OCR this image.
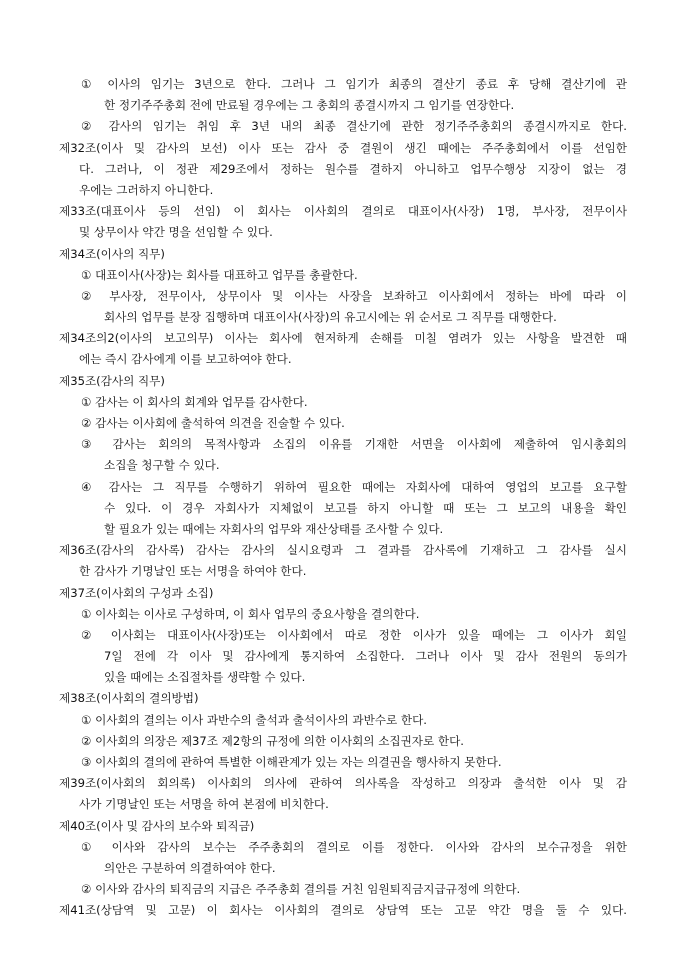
① 이사의 임기는 3년으로 한다. 그러나 그 임기가 최종의 결산기 종료 후 당해 결산기에 관
한 정기주주총회 전에 만료될 경우에는 그 총회의 종결시까지 그 임기를 연장한다.
② 감사의 임기는 취임 후 3년 내의 최종 결산기에 관한 정기주주총회의 종결시까지로 한다.
제32조(이사 및 감사의 보선) 이사 또는 감사 중 결원이 생긴 때에는 주주총회에서 이를 선임한
다. 그러나, 이 정관 제29조에서 정하는 원수를 결하지 아니하고 업무수행상 지장이 없는 경
우에는 그러하지 아니한다.
제33조(대표이사 등의 선임) 이 회사는 이사회의 결의로 대표이사(사장) 1명, 부사장, 전무이사
및 상무이사 약간 명을 선임할 수 있다.
제34조(이사의 직무)
① 대표이사(사장)는 회사를 대표하고 업무를 총괄한다.
② 부사장, 전무이사, 상무이사 및 이사는 사장을 보좌하고 이사회에서 정하는 바에 따라 이
회사의 업무를 분장 집행하며 대표이사(사장)의 유고시에는 위 순서로 그 직무를 대행한다.
제34조의2(이사의 보고의무) 이사는 회사에 현저하게 손해를 미칠 염려가 있는 사항을 발견한 때
에는 즉시 감사에게 이를 보고하여야 한다.
제35조(감사의 직무)
① 감사는 이 회사의 회계와 업무를 감사한다.
② 감사는 이사회에 출석하여 의견을 진술할 수 있다.
③ 감사는 회의의 목적사항과 소집의 이유를 기재한 서면을 이사회에 제출하여 임시총회의
소집을 청구할 수 있다.
④ 감사는 그 직무를 수행하기 위하여 필요한 때에는 자회사에 대하여 영업의 보고를 요구할
수 있다. 이 경우 자회사가 지체없이 보고를 하지 아니할 때 또는 그 보고의 내용을 확인
할 필요가 있는 때에는 자회사의 업무와 재산상태를 조사할 수 있다.
제36조(감사의 감사록) 감사는 감사의 실시요령과 그 결과를 감사록에 기재하고 그 감사를 실시
한 감사가 기명날인 또는 서명을 하여야 한다.
제37조(이사회의 구성과 소집)
① 이사회는 이사로 구성하며, 이 회사 업무의 중요사항을 결의한다.
② 이사회는 대표이사(사장)또는 이사회에서 따로 정한 이사가 있을 때에는 그 이사가 회일
7일 전에 각 이사 및 감사에게 통지하여 소집한다. 그러나 이사 및 감사 전원의 동의가
있을 때에는 소집절차를 생략할 수 있다.
제38조(이사회의 결의방법)
① 이사회의 결의는 이사 과반수의 출석과 출석이사의 과반수로 한다.
② 이사회의 의장은 제37조 제2항의 규정에 의한 이사회의 소집권자로 한다.
③ 이사회의 결의에 관하여 특별한 이해관계가 있는 자는 의결권을 행사하지 못한다.
제39조(이사회의 회의록) 이사회의 의사에 관하여 의사록을 작성하고 의장과 출석한 이사 및 감
사가 기명날인 또는 서명을 하여 본점에 비치한다.
제40조(이사 및 감사의 보수와 퇴직금)
① 이사와 감사의 보수는 주주총회의 결의로 이를 정한다. 이사와 감사의 보수규정을 위한
의안은 구분하여 의결하여야 한다.
② 이사와 감사의 퇴직금의 지급은 주주총회 결의를 거친 임원퇴직금지급규정에 의한다.
제41조(상담역 및 고문) 이 회사는 이사회의 결의로 상담역 또는 고문 약간 명을 둘 수 있다.
